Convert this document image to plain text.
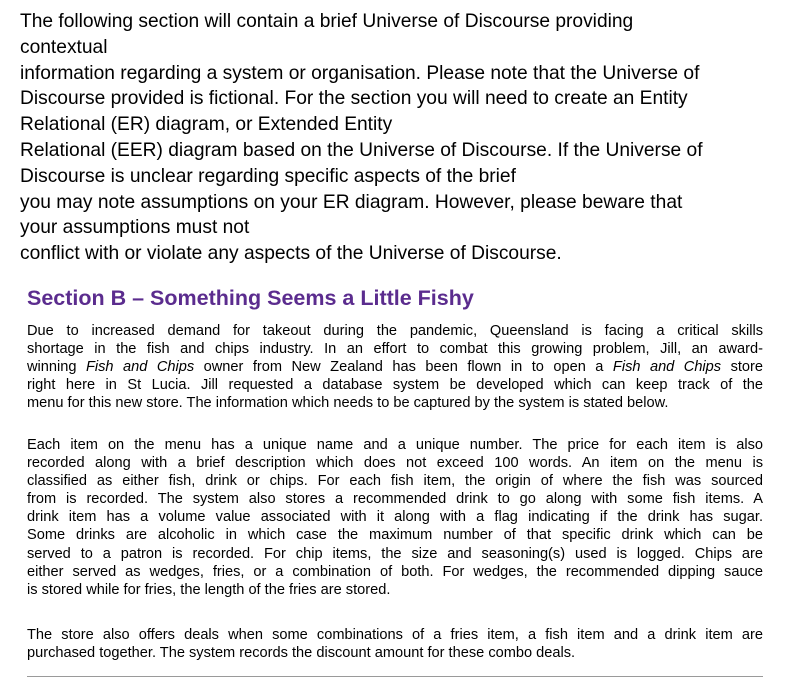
The following section will contain a brief Universe of Discourse providing
contextual
information regarding a system or organisation. Please note that the Universe of
Discourse provided is fictional. For the section you will need to create an Entity
Relational (ER) diagram, or Extended Entity
Relational (EER) diagram based on the Universe of Discourse. If the Universe of
Discourse is unclear regarding specific aspects of the brief
you may note assumptions on your ER diagram. However, please beware that
your assumptions must not
conflict with or violate any aspects of the Universe of Discourse.
Section B – Something Seems a Little Fishy
Due to increased demand for takeout during the pandemic, Queensland is facing a critical skills
shortage in the fish and chips industry. In an effort to combat this growing problem, Jill, an award-
winning Fish and Chips owner from New Zealand has been flown in to open a Fish and Chips store
right here in St Lucia. Jill requested a database system be developed which can keep track of the
menu for this new store. The information which needs to be captured by the system is stated below.
Each item on the menu has a unique name and a unique number. The price for each item is also
recorded along with a brief description which does not exceed 100 words. An item on the menu is
classified as either fish, drink or chips. For each fish item, the origin of where the fish was sourced
from is recorded. The system also stores a recommended drink to go along with some fish items. A
drink item has a volume value associated with it along with a flag indicating if the drink has sugar.
Some drinks are alcoholic in which case the maximum number of that specific drink which can be
served to a patron is recorded. For chip items, the size and seasoning(s) used is logged. Chips are
either served as wedges, fries, or a combination of both. For wedges, the recommended dipping sauce
is stored while for fries, the length of the fries are stored.
The store also offers deals when some combinations of a fries item, a fish item and a drink item are
purchased together. The system records the discount amount for these combo deals.
